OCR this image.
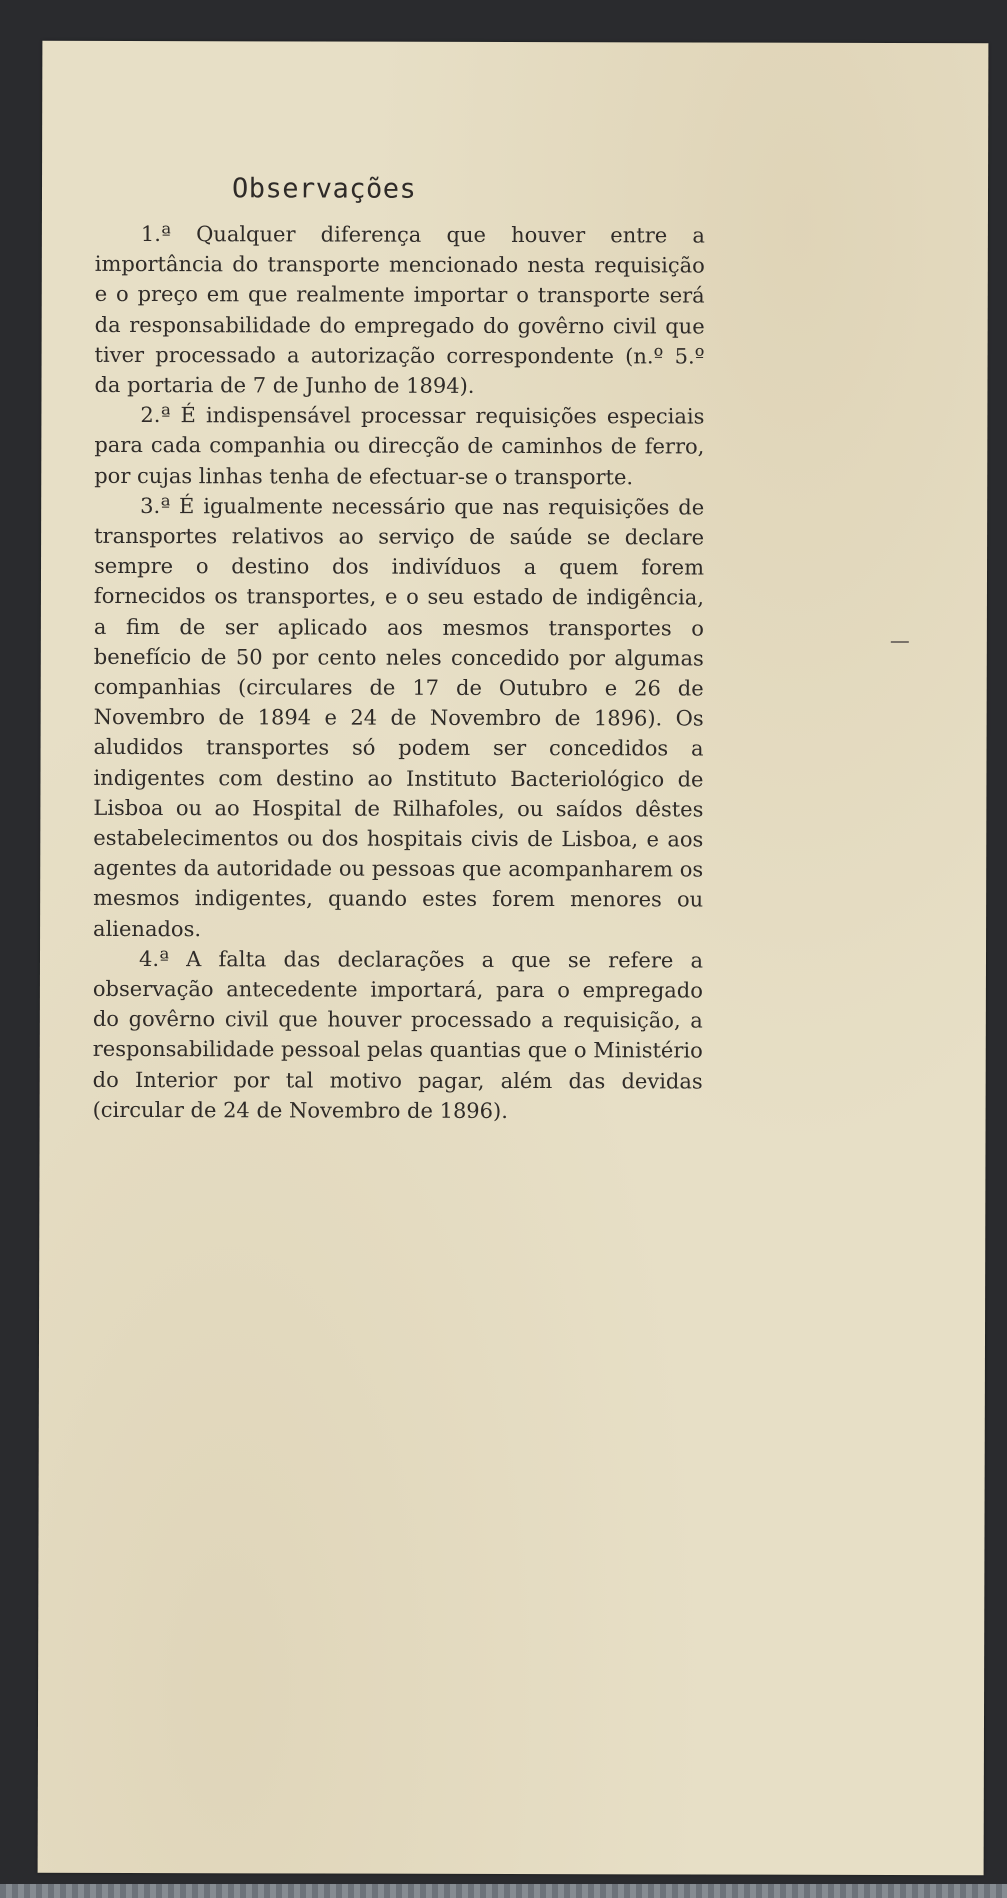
Observações

1.ª Qualquer diferença que houver entre a importância do transporte mencionado nesta requisição e o preço em que realmente importar o transporte será da responsabilidade do empregado do govêrno civil que tiver processado a autorização correspondente (n.º 5.º da portaria de 7 de Junho de 1894).

2.ª É indispensável processar requisições especiais para cada companhia ou direcção de caminhos de ferro, por cujas linhas tenha de efectuar-se o transporte.

3.ª É igualmente necessário que nas requisições de transportes relativos ao serviço de saúde se declare sempre o destino dos indivíduos a quem forem fornecidos os transportes, e o seu estado de indigência, a fim de ser aplicado aos mesmos transportes o benefício de 50 por cento neles concedido por algumas companhias (circulares de 17 de Outubro e 26 de Novembro de 1894 e 24 de Novembro de 1896). Os aludidos transportes só podem ser concedidos a indigentes com destino ao Instituto Bacteriológico de Lisboa ou ao Hospital de Rilhafoles, ou saídos dêstes estabelecimentos ou dos hospitais civis de Lisboa, e aos agentes da autoridade ou pessoas que acompanharem os mesmos indigentes, quando estes forem menores ou alienados.

4.ª A falta das declarações a que se refere a observação antecedente importará, para o empregado do govêrno civil que houver processado a requisição, a responsabilidade pessoal pelas quantias que o Ministério do Interior por tal motivo pagar, além das devidas (circular de 24 de Novembro de 1896).
